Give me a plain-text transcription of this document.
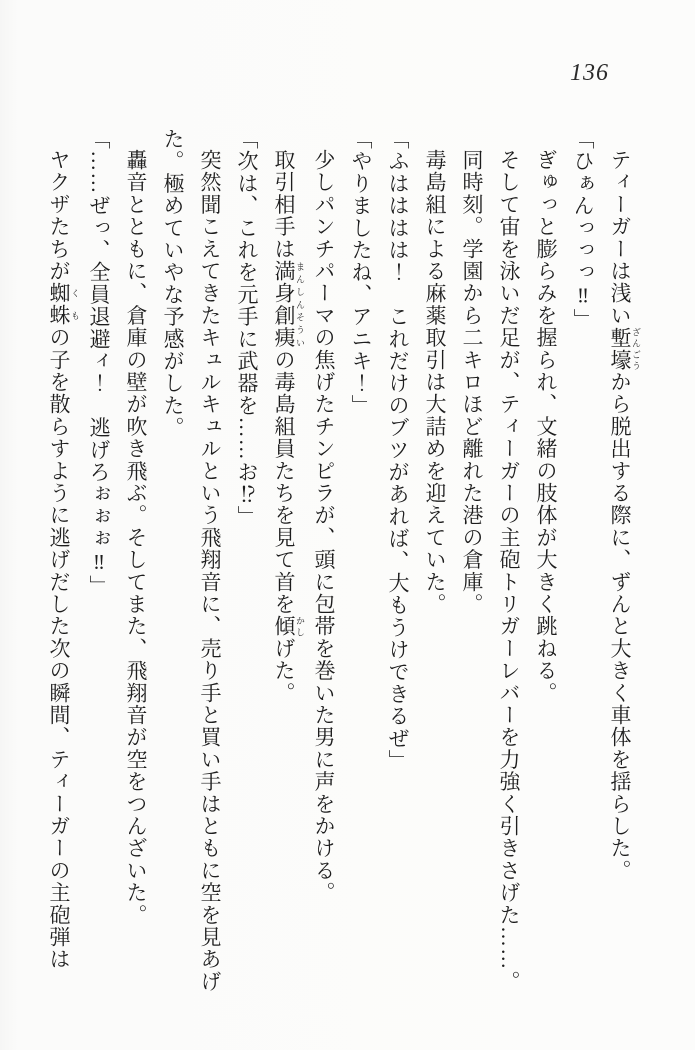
136

ティーガーは浅い塹壕 ざんごうから脱出する際に、ずんと大きく車体を揺らした。

「ひぁんっっっ‼」

ぎゅっと膨らみを握られ、文緒の肢体が大きく跳ねる。

そして宙を泳いだ足が、ティーガーの主砲トリガーレバーを力強く引きさげた……。

同時刻。学園から二キロほど離れた港の倉庫。

毒島組による麻薬取引は大詰めを迎えていた。

「ふはははは！　これだけのブツがあれば、大もうけできるぜ」

「やりましたね、アニキ！」

少しパンチパーマの焦げたチンピラが、頭に包帯を巻いた男に声をかける。

取引相手は満身創痍 まんしんそういの毒島組員たちを見て首を傾 かしげた。

「次は、これを元手に武器を……お⁉」

突然聞こえてきたキュルキュルという飛翔音に、売り手と買い手はともに空を見あげた。極めていやな予感がした。

轟音とともに、倉庫の壁が吹き飛ぶ。そしてまた、飛翔音が空をつんざいた。

「……ぜっ、全員退避ィ！　逃げろぉぉぉ‼」

ヤクザたちが蜘蛛 くもの子を散らすように逃げだした次の瞬間、ティーガーの主砲弾は
